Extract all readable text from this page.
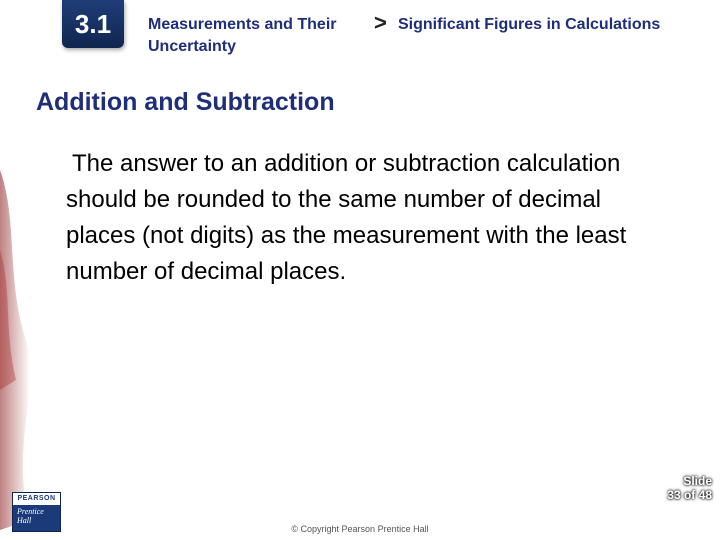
3.1	Measurements and Their Uncertainty
> Significant Figures in Calculations
Addition and Subtraction
The answer to an addition or subtraction calculation should be rounded to the same number of decimal places (not digits) as the measurement with the least number of decimal places.
Slide
33 of 48
PEARSON
Prentice
Hall
© Copyright Pearson Prentice Hall
